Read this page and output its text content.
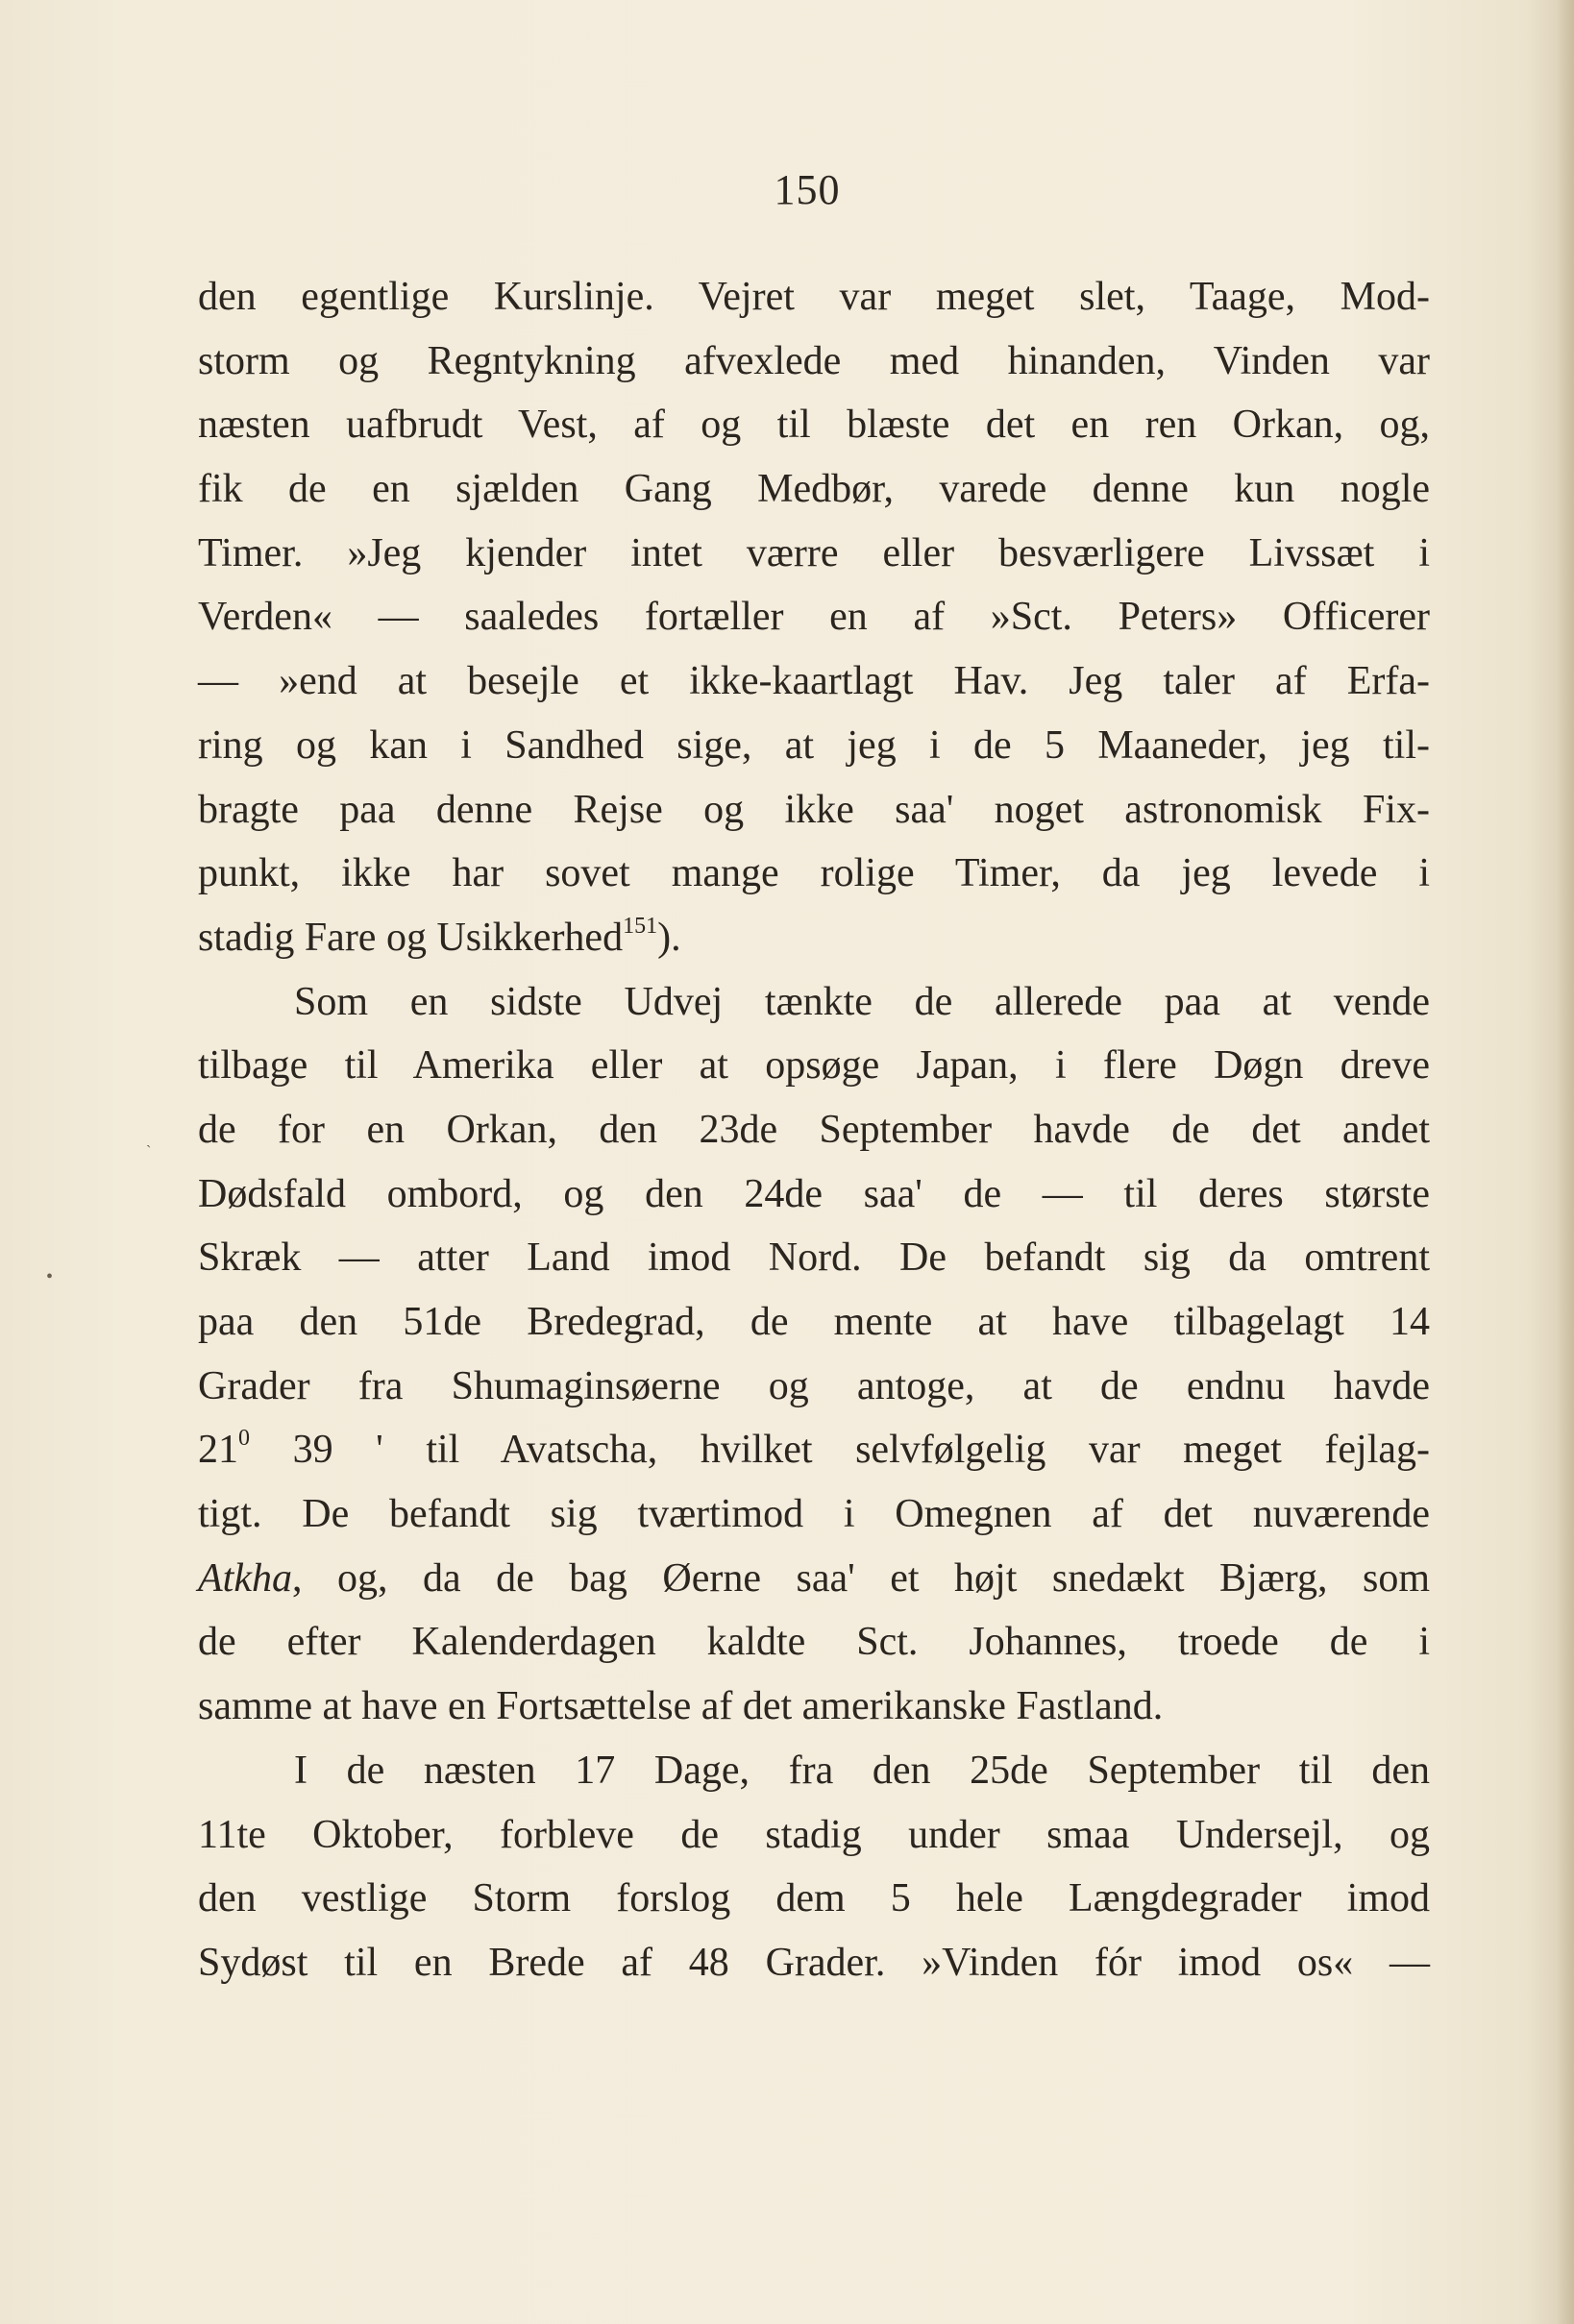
150
•
ˋ
den egentlige Kurslinje. Vejret var meget slet, Taage, Mod-
storm og Regntykning afvexlede med hinanden, Vinden var
næsten uafbrudt Vest, af og til blæste det en ren Orkan, og,
fik de en sjælden Gang Medbør, varede denne kun nogle
Timer. »Jeg kjender intet værre eller besværligere Livssæt i
Verden« — saaledes fortæller en af »Sct. Peters» Officerer
— »end at besejle et ikke-kaartlagt Hav. Jeg taler af Erfa-
ring og kan i Sandhed sige, at jeg i de 5 Maaneder, jeg til-
bragte paa denne Rejse og ikke saa' noget astronomisk Fix-
punkt, ikke har sovet mange rolige Timer, da jeg levede i
stadig Fare og Usikkerhed$^{151}$).
Som en sidste Udvej tænkte de allerede paa at vende
tilbage til Amerika eller at opsøge Japan, i flere Døgn dreve
de for en Orkan, den 23de September havde de det andet
Dødsfald ombord, og den 24de saa' de — til deres største
Skræk — atter Land imod Nord. De befandt sig da omtrent
paa den 51de Bredegrad, de mente at have tilbagelagt 14
Grader fra Shumaginsøerne og antoge, at de endnu havde
$21^0$ 39 ' til Avatscha, hvilket selvfølgelig var meget fejlag-
tigt. De befandt sig tværtimod i Omegnen af det nuværende
Atkha, og, da de bag Øerne saa' et højt snedækt Bjærg, som
de efter Kalenderdagen kaldte Sct. Johannes, troede de i
samme at have en Fortsættelse af det amerikanske Fastland.
I de næsten 17 Dage, fra den 25de September til den
11te Oktober, forbleve de stadig under smaa Undersejl, og
den vestlige Storm forslog dem 5 hele Længdegrader imod
Sydøst til en Brede af 48 Grader. »Vinden fór imod os« —
